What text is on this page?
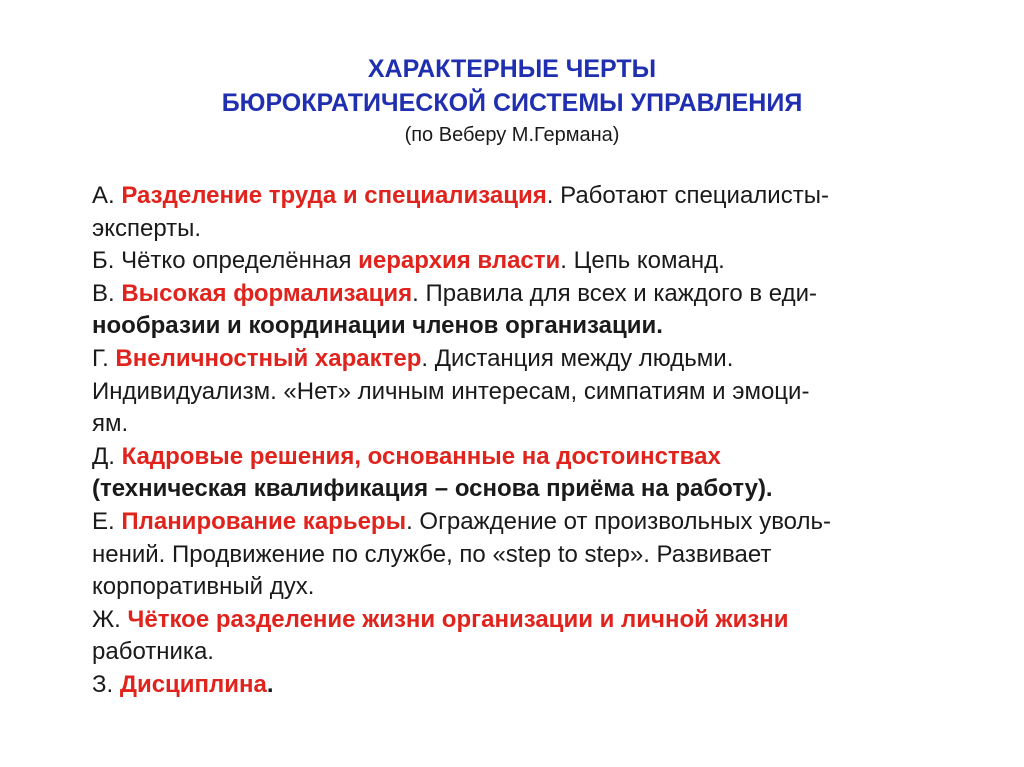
ХАРАКТЕРНЫЕ ЧЕРТЫ

БЮРОКРАТИЧЕСКОЙ СИСТЕМЫ УПРАВЛЕНИЯ

(по Веберу М.Германа)

А. Разделение труда и специализация. Работают специалисты-

эксперты.

Б. Чётко определённая иерархия власти. Цепь команд.

В. Высокая формализация. Правила для всех и каждого в еди-

нообразии и координации членов организации.

Г. Внеличностный характер. Дистанция между людьми.

Индивидуализм. «Нет» личным интересам, симпатиям и эмоци-

ям.

Д. Кадровые решения, основанные на достоинствах

(техническая квалификация – основа приёма на работу).

Е. Планирование карьеры. Ограждение от произвольных уволь-

нений. Продвижение по службе, по «step to step». Развивает

корпоративный дух.

Ж. Чёткое разделение жизни организации и личной жизни

работника.

З. Дисциплина.
